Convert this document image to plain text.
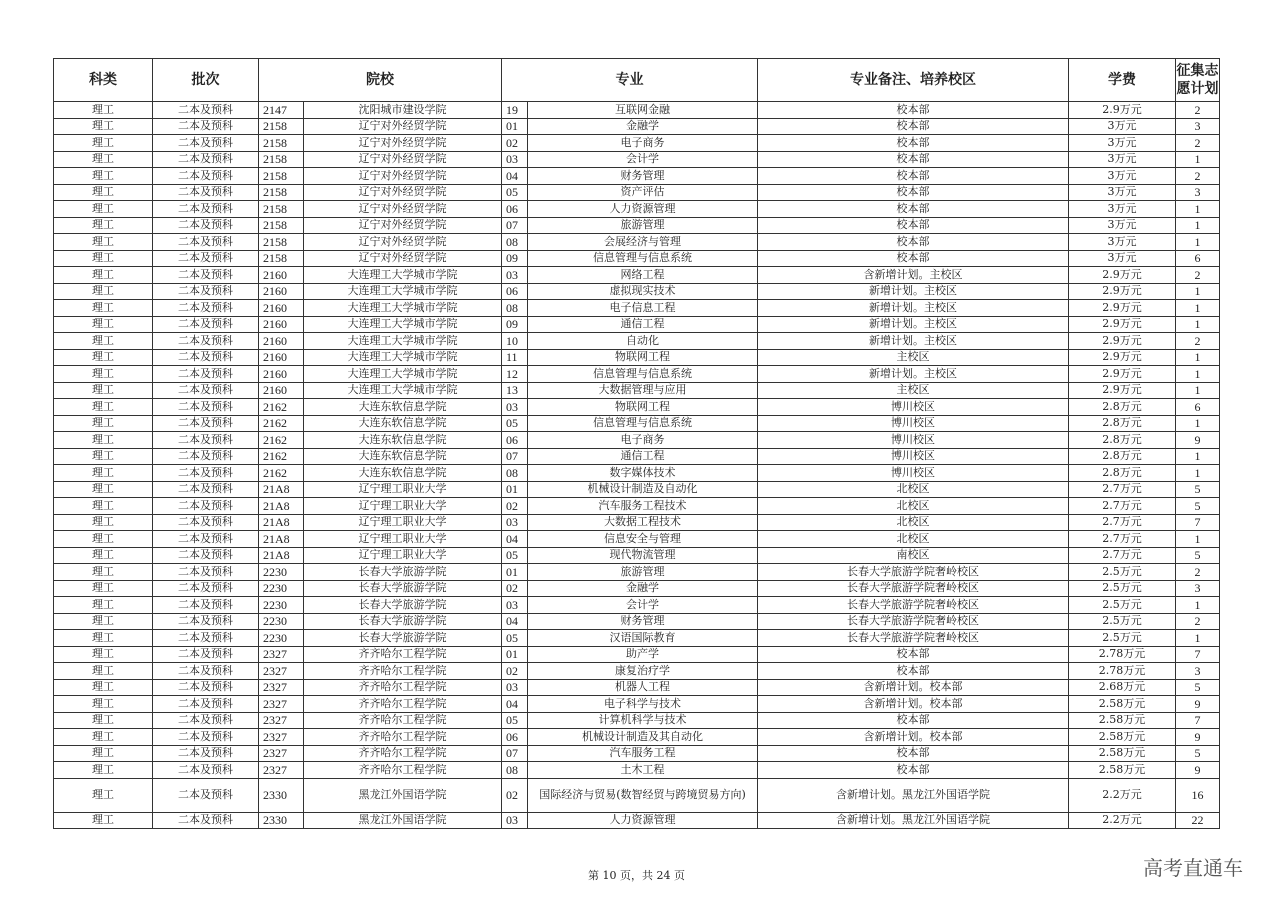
科类	批次	院校		专业		专业备注、培养校区	学费	征集志愿计划
理工	二本及预科	2147	沈阳城市建设学院	19	互联网金融	校本部	2.9万元	2
理工	二本及预科	2158	辽宁对外经贸学院	01	金融学	校本部	3万元	3
理工	二本及预科	2158	辽宁对外经贸学院	02	电子商务	校本部	3万元	2
理工	二本及预科	2158	辽宁对外经贸学院	03	会计学	校本部	3万元	1
理工	二本及预科	2158	辽宁对外经贸学院	04	财务管理	校本部	3万元	2
理工	二本及预科	2158	辽宁对外经贸学院	05	资产评估	校本部	3万元	3
理工	二本及预科	2158	辽宁对外经贸学院	06	人力资源管理	校本部	3万元	1
理工	二本及预科	2158	辽宁对外经贸学院	07	旅游管理	校本部	3万元	1
理工	二本及预科	2158	辽宁对外经贸学院	08	会展经济与管理	校本部	3万元	1
理工	二本及预科	2158	辽宁对外经贸学院	09	信息管理与信息系统	校本部	3万元	6
理工	二本及预科	2160	大连理工大学城市学院	03	网络工程	含新增计划。主校区	2.9万元	2
理工	二本及预科	2160	大连理工大学城市学院	06	虚拟现实技术	新增计划。主校区	2.9万元	1
理工	二本及预科	2160	大连理工大学城市学院	08	电子信息工程	新增计划。主校区	2.9万元	1
理工	二本及预科	2160	大连理工大学城市学院	09	通信工程	新增计划。主校区	2.9万元	1
理工	二本及预科	2160	大连理工大学城市学院	10	自动化	新增计划。主校区	2.9万元	2
理工	二本及预科	2160	大连理工大学城市学院	11	物联网工程	主校区	2.9万元	1
理工	二本及预科	2160	大连理工大学城市学院	12	信息管理与信息系统	新增计划。主校区	2.9万元	1
理工	二本及预科	2160	大连理工大学城市学院	13	大数据管理与应用	主校区	2.9万元	1
理工	二本及预科	2162	大连东软信息学院	03	物联网工程	博川校区	2.8万元	6
理工	二本及预科	2162	大连东软信息学院	05	信息管理与信息系统	博川校区	2.8万元	1
理工	二本及预科	2162	大连东软信息学院	06	电子商务	博川校区	2.8万元	9
理工	二本及预科	2162	大连东软信息学院	07	通信工程	博川校区	2.8万元	1
理工	二本及预科	2162	大连东软信息学院	08	数字媒体技术	博川校区	2.8万元	1
理工	二本及预科	21A8	辽宁理工职业大学	01	机械设计制造及自动化	北校区	2.7万元	5
理工	二本及预科	21A8	辽宁理工职业大学	02	汽车服务工程技术	北校区	2.7万元	5
理工	二本及预科	21A8	辽宁理工职业大学	03	大数据工程技术	北校区	2.7万元	7
理工	二本及预科	21A8	辽宁理工职业大学	04	信息安全与管理	北校区	2.7万元	1
理工	二本及预科	21A8	辽宁理工职业大学	05	现代物流管理	南校区	2.7万元	5
理工	二本及预科	2230	长春大学旅游学院	01	旅游管理	长春大学旅游学院奢岭校区	2.5万元	2
理工	二本及预科	2230	长春大学旅游学院	02	金融学	长春大学旅游学院奢岭校区	2.5万元	3
理工	二本及预科	2230	长春大学旅游学院	03	会计学	长春大学旅游学院奢岭校区	2.5万元	1
理工	二本及预科	2230	长春大学旅游学院	04	财务管理	长春大学旅游学院奢岭校区	2.5万元	2
理工	二本及预科	2230	长春大学旅游学院	05	汉语国际教育	长春大学旅游学院奢岭校区	2.5万元	1
理工	二本及预科	2327	齐齐哈尔工程学院	01	助产学	校本部	2.78万元	7
理工	二本及预科	2327	齐齐哈尔工程学院	02	康复治疗学	校本部	2.78万元	3
理工	二本及预科	2327	齐齐哈尔工程学院	03	机器人工程	含新增计划。校本部	2.68万元	5
理工	二本及预科	2327	齐齐哈尔工程学院	04	电子科学与技术	含新增计划。校本部	2.58万元	9
理工	二本及预科	2327	齐齐哈尔工程学院	05	计算机科学与技术	校本部	2.58万元	7
理工	二本及预科	2327	齐齐哈尔工程学院	06	机械设计制造及其自动化	含新增计划。校本部	2.58万元	9
理工	二本及预科	2327	齐齐哈尔工程学院	07	汽车服务工程	校本部	2.58万元	5
理工	二本及预科	2327	齐齐哈尔工程学院	08	土木工程	校本部	2.58万元	9
理工	二本及预科	2330	黑龙江外国语学院	02	国际经济与贸易(数智经贸与跨境贸易方向)	含新增计划。黑龙江外国语学院	2.2万元	16
理工	二本及预科	2330	黑龙江外国语学院	03	人力资源管理	含新增计划。黑龙江外国语学院	2.2万元	22
第 10 页，共 24 页	高考直通车
